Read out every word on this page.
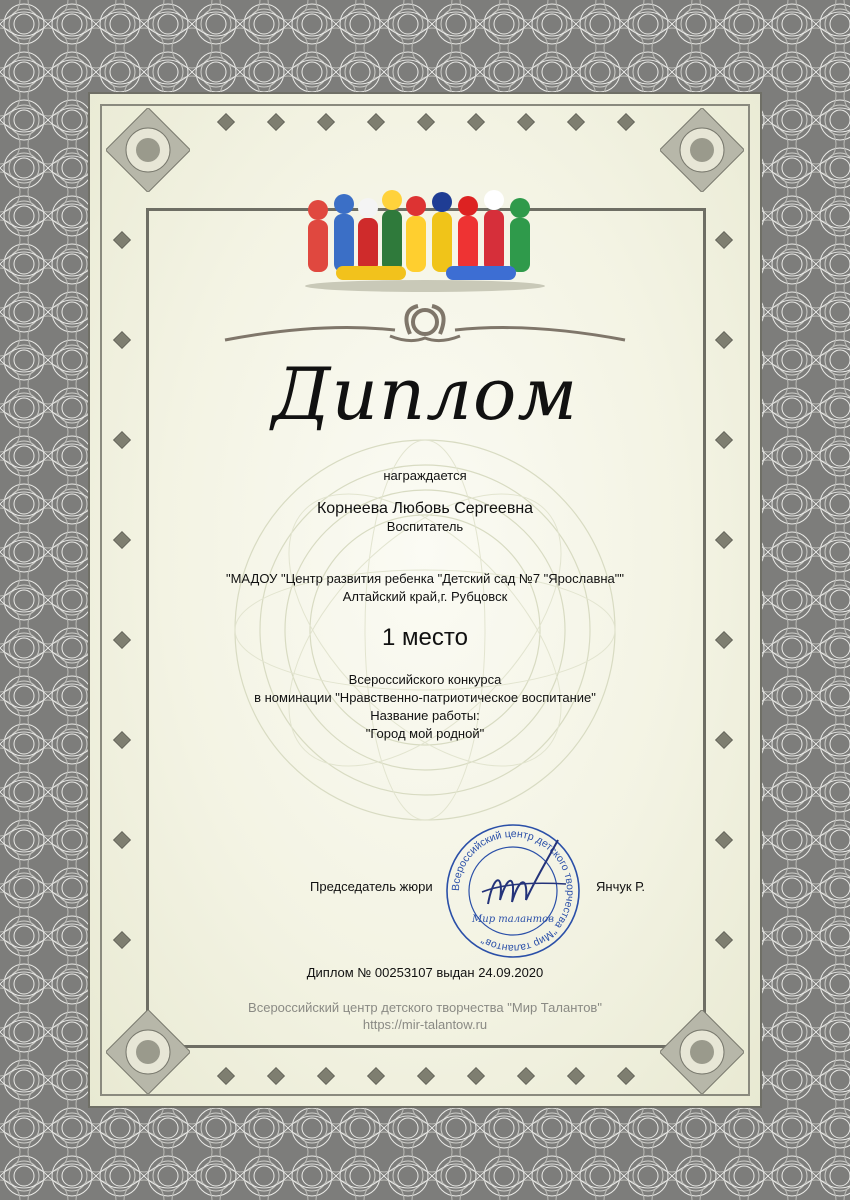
Диплом
награждается
Корнеева Любовь Сергеевна
Воспитатель
"МАДОУ "Центр развития ребенка "Детский сад №7 "Ярославна""
Алтайский край,г. Рубцовск
1 место
Всероссийского конкурса
в номинации "Нравственно-патриотическое воспитание"
Название работы:
"Город мой родной"
Председатель жюри	Янчук Р.
Всероссийский центр детского творчества "Мир талантов"
Мир талантов
Диплом № 00253107 выдан 24.09.2020
Всероссийский центр детского творчества "Мир Талантов"
https://mir-talantow.ru
